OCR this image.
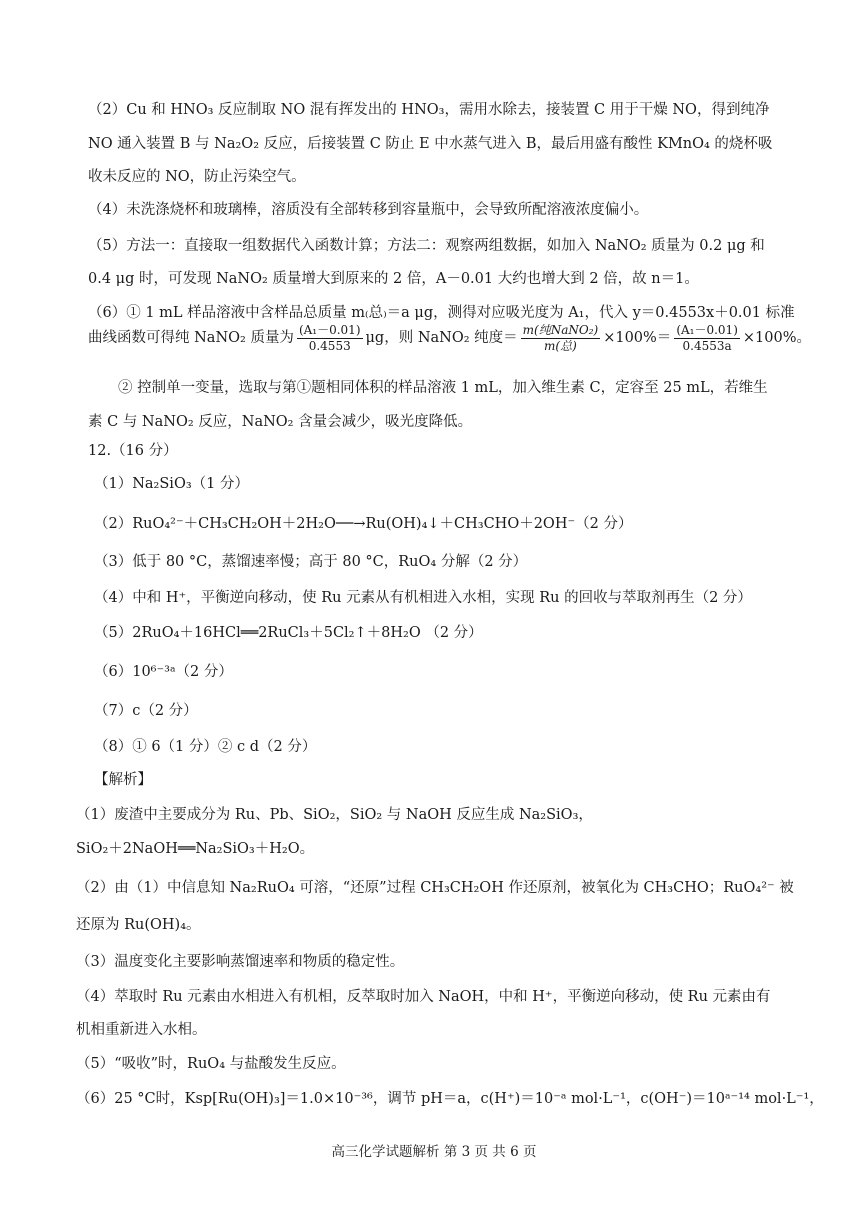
（2）Cu 和 HNO₃ 反应制取 NO 混有挥发出的 HNO₃，需用水除去，接装置 C 用于干燥 NO，得到纯净
NO 通入装置 B 与 Na₂O₂ 反应，后接装置 C 防止 E 中水蒸气进入 B，最后用盛有酸性 KMnO₄ 的烧杯吸
收未反应的 NO，防止污染空气。
（4）未洗涤烧杯和玻璃棒，溶质没有全部转移到容量瓶中，会导致所配溶液浓度偏小。
（5）方法一：直接取一组数据代入函数计算；方法二：观察两组数据，如加入 NaNO₂ 质量为 0.2 μg 和
0.4 μg 时，可发现 NaNO₂ 质量增大到原来的 2 倍，A－0.01 大约也增大到 2 倍，故 n＝1。
（6）① 1 mL 样品溶液中含样品总质量 m₍总₎＝a μg，测得对应吸光度为 A₁，代入 y＝0.4553x＋0.01 标准
曲线函数可得纯 NaNO₂ 质量为 $\frac{\text{(A₁－0.01)}}{0.4553}$ μg，则 NaNO₂ 纯度＝ $\frac{\text{m(纯NaNO₂)}}{\text{m(总)}} \times 100\%= \frac{\text{(A₁－0.01)}}{0.4553a} \times 100\%$。
② 控制单一变量，选取与第①题相同体积的样品溶液 1 mL，加入维生素 C，定容至 25 mL，若维生
素 C 与 NaNO₂ 反应，NaNO₂ 含量会减少，吸光度降低。
12.（16 分）
（1）Na₂SiO₃（1 分）
（2）RuO₄²⁻＋CH₃CH₂OH＋2H₂O──→Ru(OH)₄↓＋CH₃CHO＋2OH⁻（2 分）
（3）低于 80 °C，蒸馏速率慢；高于 80 °C，RuO₄ 分解（2 分）
（4）中和 H⁺，平衡逆向移动，使 Ru 元素从有机相进入水相，实现 Ru 的回收与萃取剂再生（2 分）
（5）2RuO₄＋16HCl══2RuCl₃＋5Cl₂↑＋8H₂O （2 分）
（6）10⁶⁻³ᵃ（2 分）
（7）c（2 分）
（8）① 6（1 分）② c d（2 分）
【解析】
（1）废渣中主要成分为 Ru、Pb、SiO₂，SiO₂ 与 NaOH 反应生成 Na₂SiO₃，
SiO₂＋2NaOH══Na₂SiO₃＋H₂O。
（2）由（1）中信息知 Na₂RuO₄ 可溶，“还原”过程 CH₃CH₂OH 作还原剂，被氧化为 CH₃CHO；RuO₄²⁻ 被
还原为 Ru(OH)₄。
（3）温度变化主要影响蒸馏速率和物质的稳定性。
（4）萃取时 Ru 元素由水相进入有机相，反萃取时加入 NaOH，中和 H⁺，平衡逆向移动，使 Ru 元素由有
机相重新进入水相。
（5）“吸收”时，RuO₄ 与盐酸发生反应。
（6）25 °C时，Ksp[Ru(OH)₃]＝1.0×10⁻³⁶，调节 pH＝a，c(H⁺)＝10⁻ᵃ mol·L⁻¹，c(OH⁻)＝10ᵃ⁻¹⁴ mol·L⁻¹，
高三化学试题解析 第 3 页 共 6 页
